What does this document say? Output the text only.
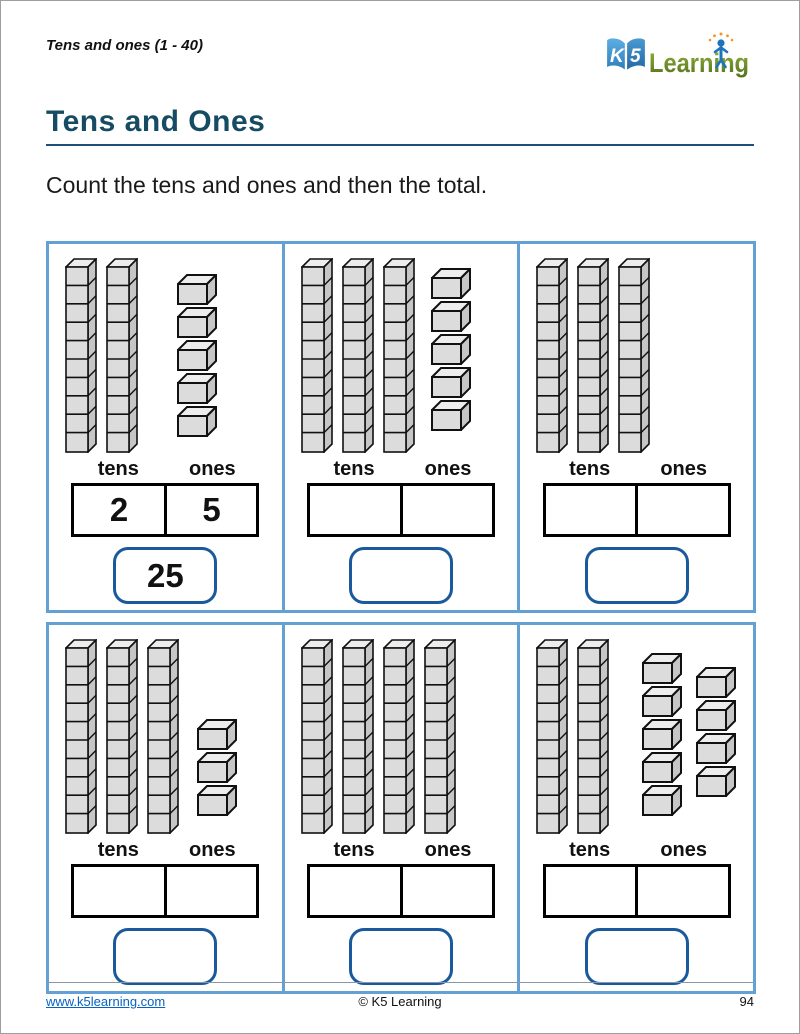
Tens and ones (1 - 40)
K 5 Learning
Tens and Ones

Count the tens and ones and then the total.

tens	ones
2	5
25
tens	ones	tens	ones
tens	ones	tens	ones	tens	ones
www.k5learning.com	© K5 Learning	94
